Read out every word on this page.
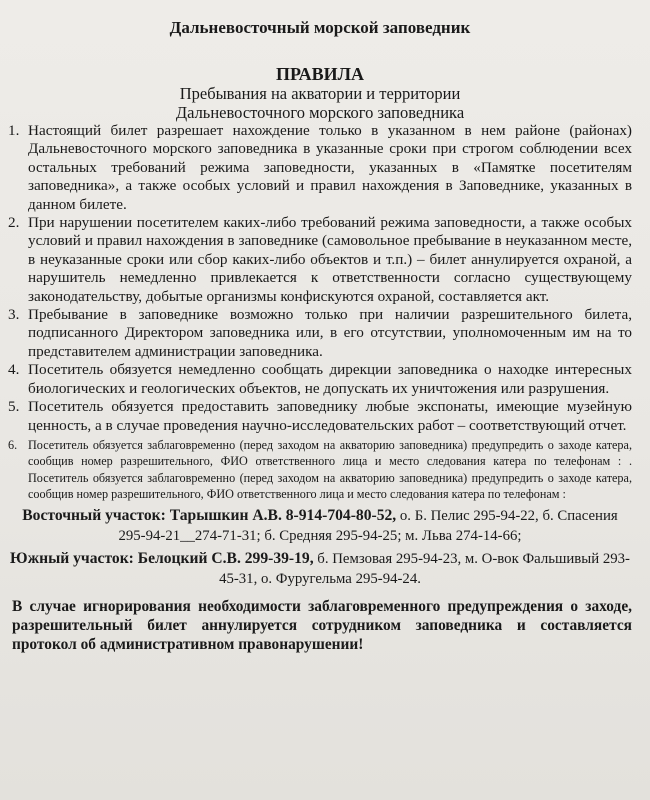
Дальневосточный морской заповедник
ПРАВИЛА
Пребывания на акватории и территории
Дальневосточного морского заповедника
1. Настоящий билет разрешает нахождение только в указанном в нем районе (районах) Дальневосточного морского заповедника в указанные сроки при строгом соблюдении всех остальных требований режима заповедности, указанных в «Памятке посетителям заповедника», а также особых условий и правил нахождения в Заповеднике, указанных в данном билете.
2. При нарушении посетителем каких-либо требований режима заповедности, а также особых условий и правил нахождения в заповеднике (самовольное пребывание в неуказанном месте, в неуказанные сроки или сбор каких-либо объектов и т.п.) – билет аннулируется охраной, а нарушитель немедленно привлекается к ответственности согласно существующему законодательству, добытые организмы конфискуются охраной, составляется акт.
3. Пребывание в заповеднике возможно только при наличии разрешительного билета, подписанного Директором заповедника или, в его отсутствии, уполномоченным им на то представителем администрации заповедника.
4. Посетитель обязуется немедленно сообщать дирекции заповедника о находке интересных биологических и геологических объектов, не допускать их уничтожения или разрушения.
5. Посетитель обязуется предоставить заповеднику любые экспонаты, имеющие музейную ценность, а в случае проведения научно-исследовательских работ – соответствующий отчет.
6. Посетитель обязуется заблаговременно (перед заходом на акваторию заповедника) предупредить о заходе катера, сообщив номер разрешительного, ФИО ответственного лица и место следования катера по телефонам : . Посетитель обязуется заблаговременно (перед заходом на акваторию заповедника) предупредить о заходе катера, сообщив номер разрешительного, ФИО ответственного лица и место следования катера по телефонам :
Восточный участок: Тарышкин А.В. 8-914-704-80-52, о. Б. Пелис 295-94-22, б. Спасения 295-94-21__274-71-31; б. Средняя 295-94-25; м. Льва 274-14-66;
Южный участок: Белоцкий С.В. 299-39-19, б. Пемзовая 295-94-23, м. О-вок Фальшивый 293-45-31, о. Фуругельма 295-94-24.
В случае игнорирования необходимости заблаговременного предупреждения о заходе, разрешительный билет аннулируется сотрудником заповедника и составляется протокол об административном правонарушении!
